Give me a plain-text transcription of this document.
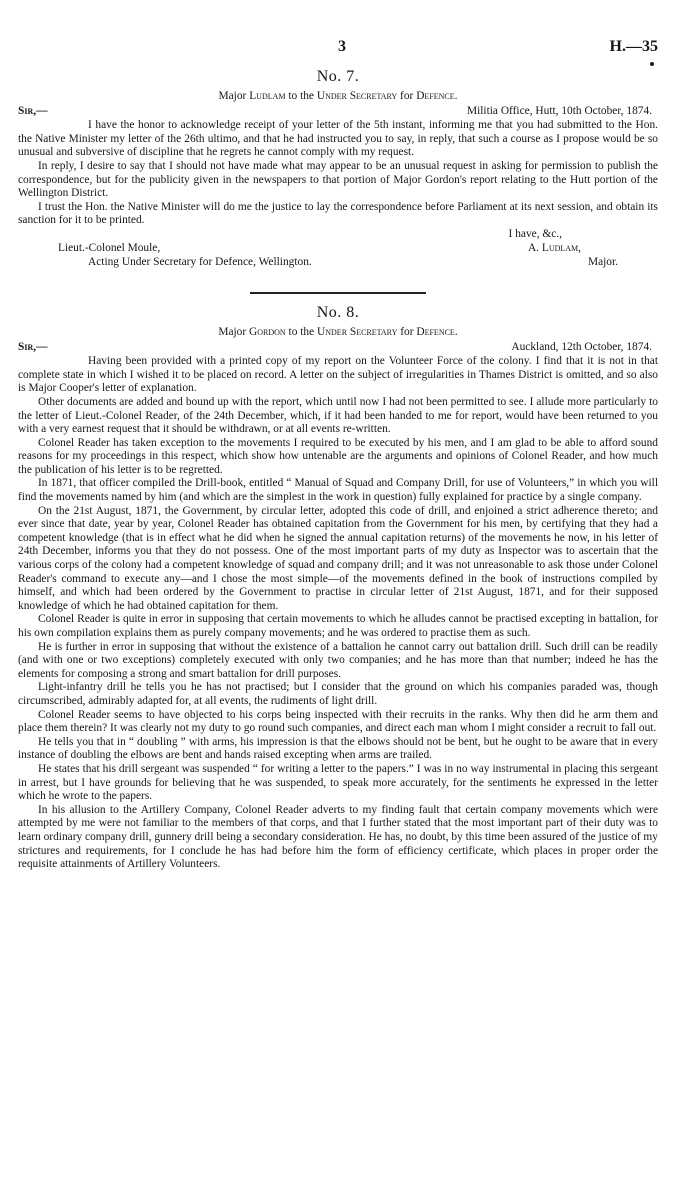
3	H.—35
No. 7.
Major Ludlam to the Under Secretary for Defence.
Sir,—	Militia Office, Hutt, 10th October, 1874.

I have the honor to acknowledge receipt of your letter of the 5th instant, informing me that you had submitted to the Hon. the Native Minister my letter of the 26th ultimo, and that he had instructed you to say, in reply, that such a course as I propose would be so unusual and subversive of discipline that he regrets he cannot comply with my request.

In reply, I desire to say that I should not have made what may appear to be an unusual request in asking for permission to publish the correspondence, but for the publicity given in the newspapers to that portion of Major Gordon's report relating to the Hutt portion of the Wellington District.

I trust the Hon. the Native Minister will do me the justice to lay the correspondence before Parliament at its next session, and obtain its sanction for it to be printed.

I have, &c.,
Lieut.-Colonel Moule,
Acting Under Secretary for Defence, Wellington.
A. Ludlam,
Major.
No. 8.
Major Gordon to the Under Secretary for Defence.
Sir,—	Auckland, 12th October, 1874.

Having been provided with a printed copy of my report on the Volunteer Force of the colony. I find that it is not in that complete state in which I wished it to be placed on record. A letter on the subject of irregularities in Thames District is omitted, and so also is Major Cooper's letter of explanation.

Other documents are added and bound up with the report, which until now I had not been permitted to see. I allude more particularly to the letter of Lieut.-Colonel Reader, of the 24th December, which, if it had been handed to me for report, would have been returned to you with a very earnest request that it should be withdrawn, or at all events re-written.

Colonel Reader has taken exception to the movements I required to be executed by his men, and I am glad to be able to afford sound reasons for my proceedings in this respect, which show how untenable are the arguments and opinions of Colonel Reader, and how much the publication of his letter is to be regretted.

In 1871, that officer compiled the Drill-book, entitled “ Manual of Squad and Company Drill, for use of Volunteers,” in which you will find the movements named by him (and which are the simplest in the work in question) fully explained for practice by a single company.

On the 21st August, 1871, the Government, by circular letter, adopted this code of drill, and enjoined a strict adherence thereto; and ever since that date, year by year, Colonel Reader has obtained capitation from the Government for his men, by certifying that they had a competent knowledge (that is in effect what he did when he signed the annual capitation returns) of the movements he now, in his letter of 24th December, informs you that they do not possess. One of the most important parts of my duty as Inspector was to ascertain that the various corps of the colony had a competent knowledge of squad and company drill; and it was not unreasonable to ask those under Colonel Reader's command to execute any—and I chose the most simple—of the movements defined in the book of instructions compiled by himself, and which had been ordered by the Government to practise in circular letter of 21st August, 1871, and for their supposed knowledge of which he had obtained capitation for them.

Colonel Reader is quite in error in supposing that certain movements to which he alludes cannot be practised excepting in battalion, for his own compilation explains them as purely company movements; and he was ordered to practise them as such.

He is further in error in supposing that without the existence of a battalion he cannot carry out battalion drill. Such drill can be readily (and with one or two exceptions) completely executed with only two companies; and he has more than that number; indeed he has the elements for composing a strong and smart battalion for drill purposes.

Light-infantry drill he tells you he has not practised; but I consider that the ground on which his companies paraded was, though circumscribed, admirably adapted for, at all events, the rudiments of light drill.

Colonel Reader seems to have objected to his corps being inspected with their recruits in the ranks. Why then did he arm them and place them therein? It was clearly not my duty to go round such companies, and direct each man whom I might consider a recruit to fall out.

He tells you that in “ doubling ” with arms, his impression is that the elbows should not be bent, but he ought to be aware that in every instance of doubling the elbows are bent and hands raised excepting when arms are trailed.

He states that his drill sergeant was suspended “ for writing a letter to the papers.” I was in no way instrumental in placing this sergeant in arrest, but I have grounds for believing that he was suspended, to speak more accurately, for the sentiments he expressed in the letter which he wrote to the papers.

In his allusion to the Artillery Company, Colonel Reader adverts to my finding fault that certain company movements which were attempted by me were not familiar to the members of that corps, and that I further stated that the most important part of their duty was to learn ordinary company drill, gunnery drill being a secondary consideration. He has, no doubt, by this time been assured of the justice of my strictures and requirements, for I conclude he has had before him the form of efficiency certificate, which places in proper order the requisite attainments of Artillery Volunteers.
